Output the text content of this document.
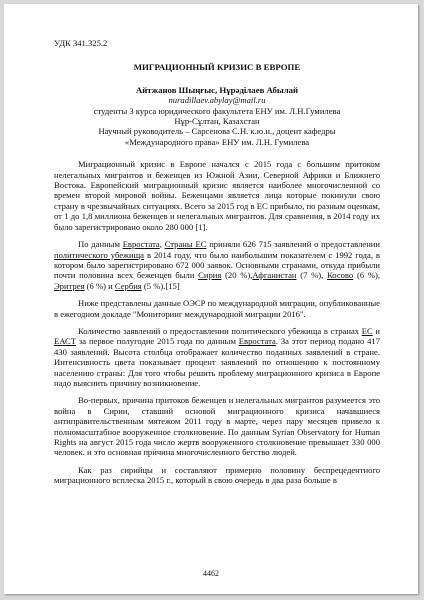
УДК 341.325.2
МИГРАЦИОННЫЙ КРИЗИС В ЕВРОПЕ
Айтжанов Шыңғыс, Нұрәділаев Абылай
nuradillaev.abylay@mail.ru
студенты 3 курса юридического факультета ЕНУ им. Л.Н.Гумилева
Нұр-Сұлтан, Казахстан
Научный руководитель – Сарсенова С.Н. к.ю.н., доцент кафедры
«Международного права» ЕНУ им. Л.Н. Гумилева

Миграционный кризис в Европе начался с 2015 года с большим притоком нелегальных мигрантов и беженцев из Южной Азии, Северной Африки и Ближнего Востока. Европейский миграционный кризис является наиболее многочисленной со времен второй мировой войны. Беженцами является лица которые покинули свою страну в чрезвычайных ситуациях. Всего за 2015 год в ЕС прибыло, по разным оценкам, от 1 до 1,8 миллиона беженцев и нелегальных мигрантов. Для сравнения, в 2014 году их было зарегистрировано около 280 000 [1].

По данным Евростата, Страны ЕС приняли 626 715 заявлений о предоставлении политического убежища в 2014 году, что было наибольшим показателем с 1992 года, в котором было зарегистрировано 672 000 заявок. Основными странами, откуда прибыли почти половина всех беженцев были Сирия (20 %),Афганистан (7 %), Косово (6 %), Эритрея (6 %) и Сербия (5 %).[15]

Ниже представлены данные ОЭСР по международной миграции, опубликованные в ежегодном докладе "Мониторинг международной миграции 2016".

Количество заявлений о предоставлении политического убежища в странах ЕС и ЕАСТ за первое полугодие 2015 года по данным Евростата. За этот период подано 417 430 заявлений. Высота столбца отображает количество поданных заявлений в стране. Интенсивность цвета показывает процент заявлений по отношению к постоянному населению страны: Для того чтобы решить проблему миграционного кризиса в Европе надо выяснить причину возникновение.

Во-первых, причина притоков беженцев и нелегальных мигрантов разумеется это война в Сирии, ставший основой миграционного кризиса начавшиеся антиправительственным мятежом 2011 году в марте, через пару месяцев привело к полномасштабное вооруженное столкновение. По данным Syrian Observatory for Human Rights на август 2015 года число жертв вооруженного столкновение превышает 330 000 человек. и это основная причина многочисленного бегство людей.

Как раз сирийцы и составляют примерно половину беспрецедентного миграционного всплеска 2015 г., который в свою очередь в два раза больше в

4462
